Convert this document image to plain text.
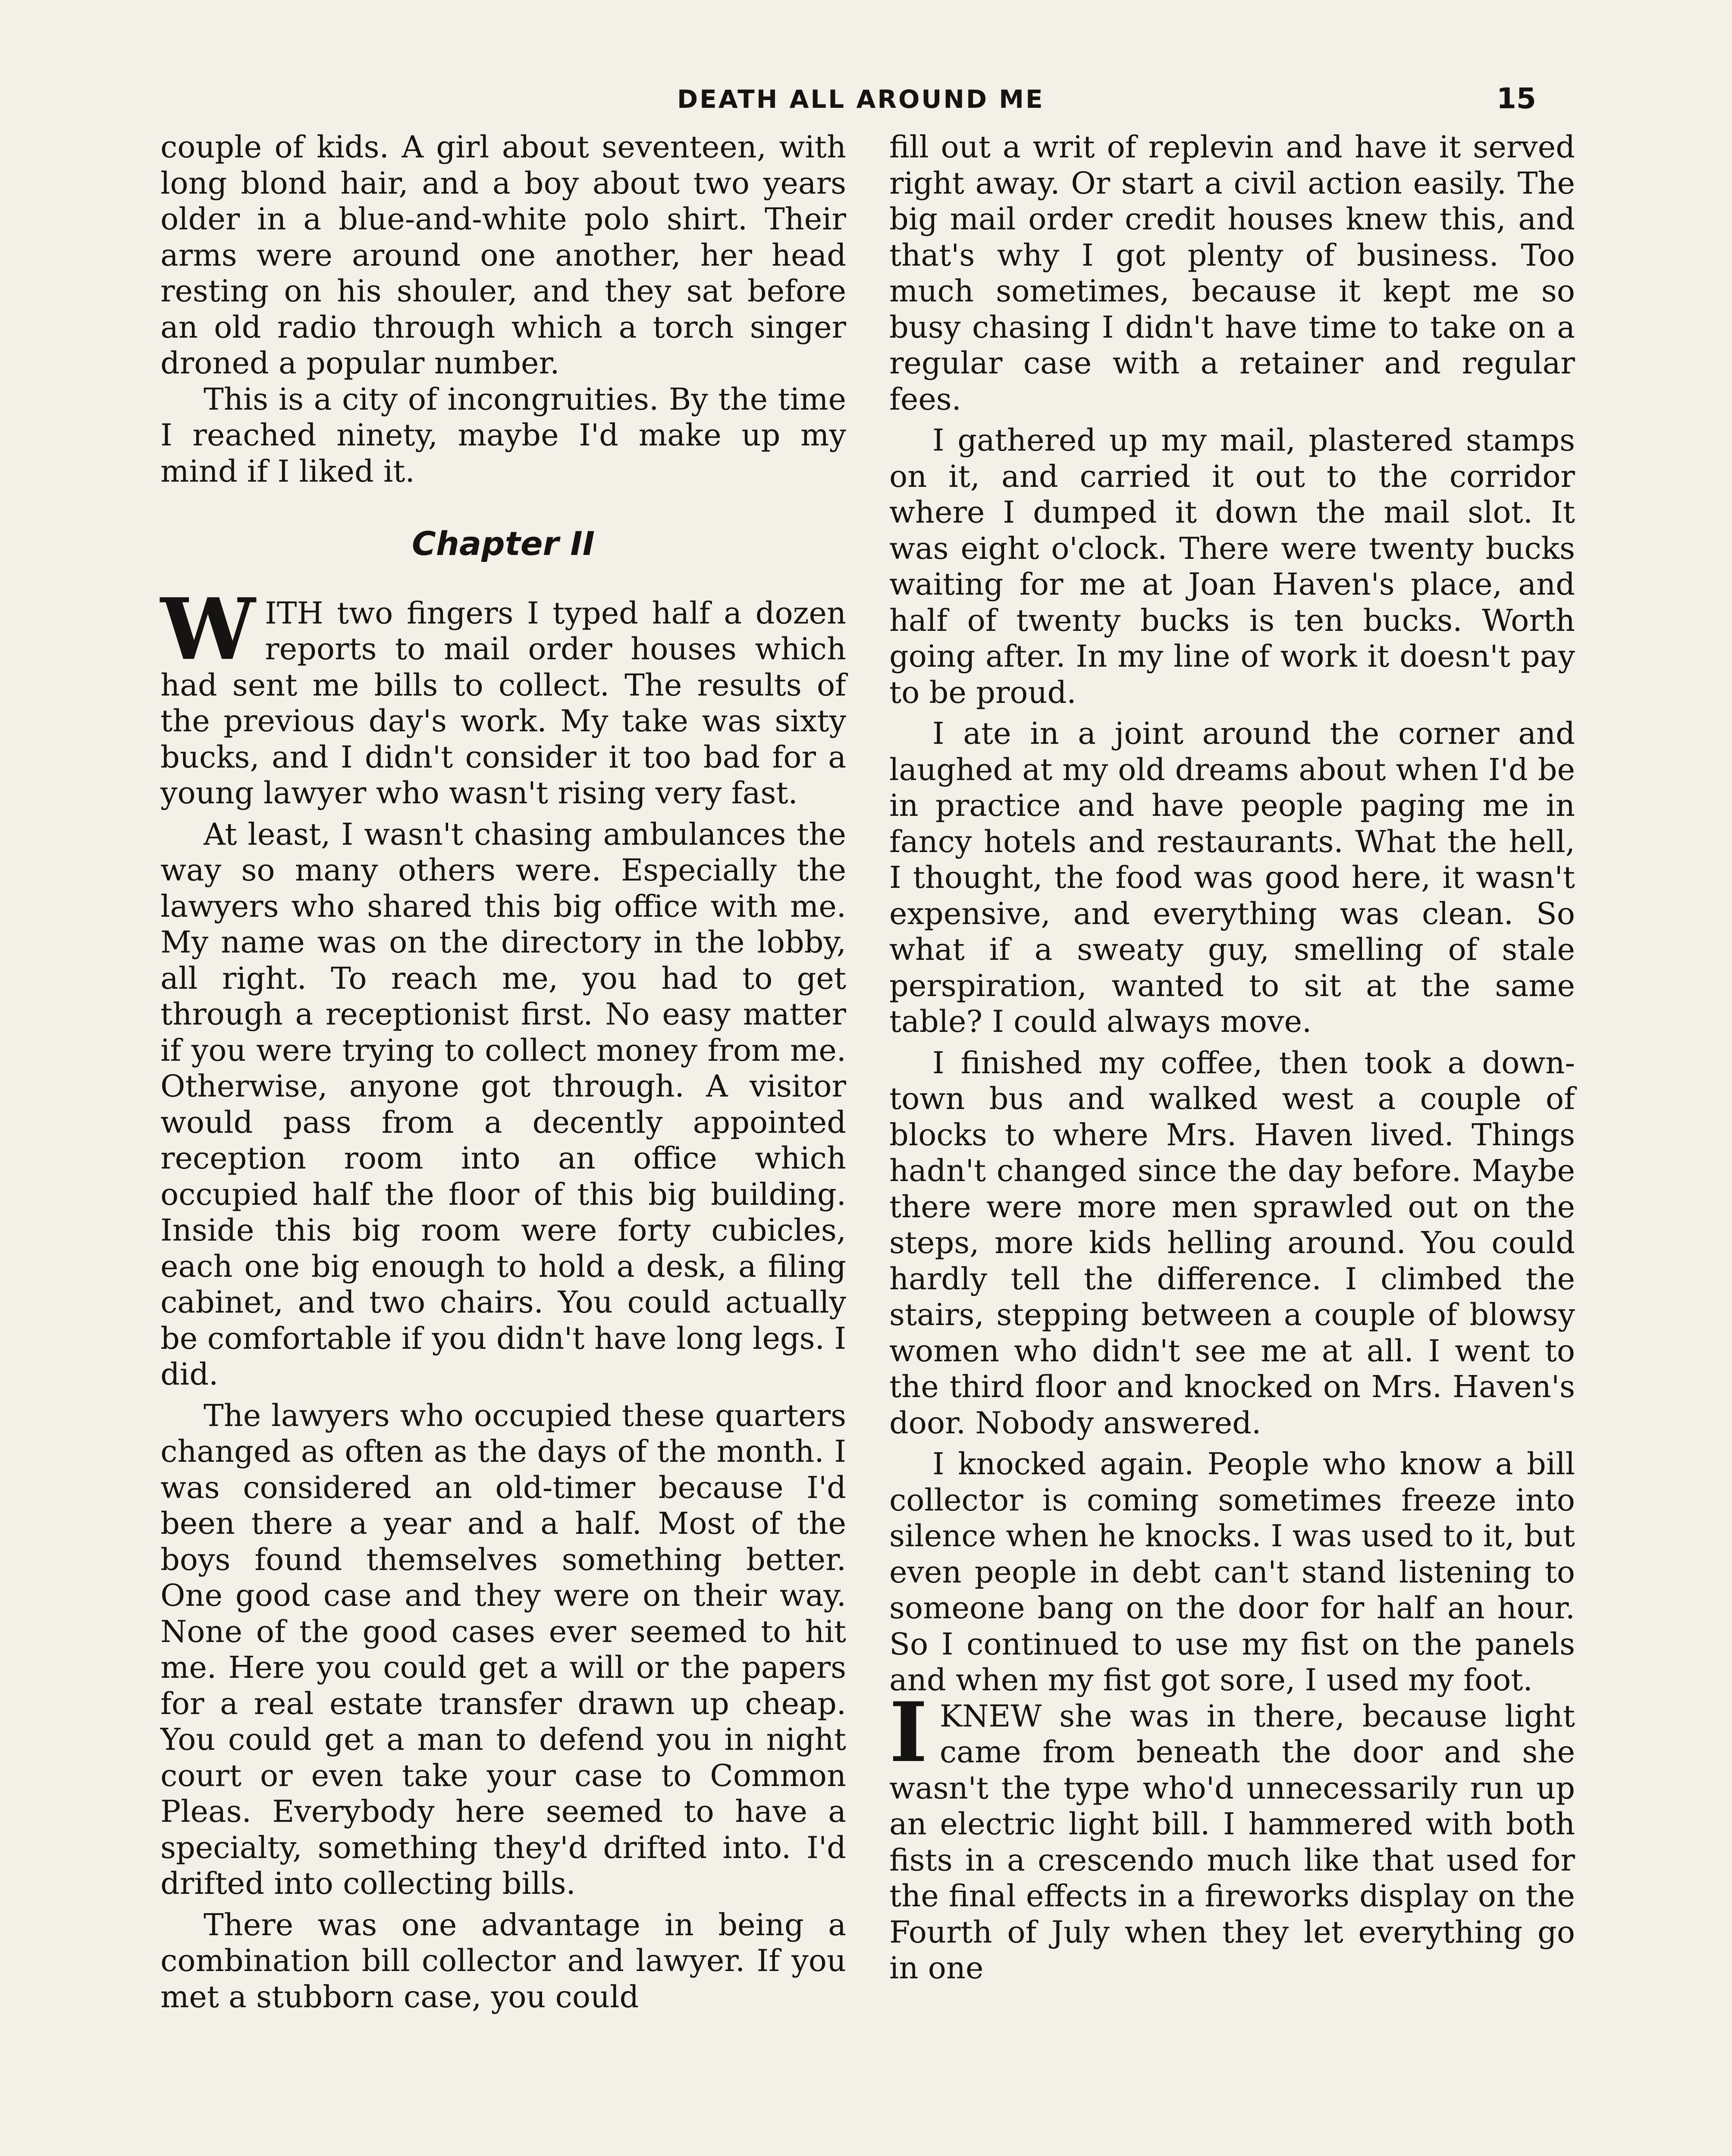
DEATH ALL AROUND ME	15

couple of kids. A girl about seventeen, with long blond hair, and a boy about two years older in a blue-and-white polo shirt. Their arms were around one another, her head resting on his shouler, and they sat before an old radio through which a torch singer droned a popular number.

This is a city of incongruities. By the time I reached ninety, maybe I'd make up my mind if I liked it.

Chapter II

WITH two fingers I typed half a dozen reports to mail order houses which had sent me bills to collect. The results of the previous day's work. My take was sixty bucks, and I didn't consider it too bad for a young lawyer who wasn't rising very fast.

At least, I wasn't chasing ambulances the way so many others were. Especially the lawyers who shared this big office with me. My name was on the directory in the lobby, all right. To reach me, you had to get through a receptionist first. No easy matter if you were trying to collect money from me. Otherwise, anyone got through. A visitor would pass from a decently appointed reception room into an office which occupied half the floor of this big building. Inside this big room were forty cubicles, each one big enough to hold a desk, a filing cabinet, and two chairs. You could actually be comfortable if you didn't have long legs. I did.

The lawyers who occupied these quarters changed as often as the days of the month. I was considered an old-timer because I'd been there a year and a half. Most of the boys found themselves something better. One good case and they were on their way. None of the good cases ever seemed to hit me. Here you could get a will or the papers for a real estate transfer drawn up cheap. You could get a man to defend you in night court or even take your case to Common Pleas. Everybody here seemed to have a specialty, something they'd drifted into. I'd drifted into collecting bills.

There was one advantage in being a combination bill collector and lawyer. If you met a stubborn case, you could

fill out a writ of replevin and have it served right away. Or start a civil action easily. The big mail order credit houses knew this, and that's why I got plenty of business. Too much sometimes, because it kept me so busy chasing I didn't have time to take on a regular case with a retainer and regular fees.

I gathered up my mail, plastered stamps on it, and carried it out to the corridor where I dumped it down the mail slot. It was eight o'clock. There were twenty bucks waiting for me at Joan Haven's place, and half of twenty bucks is ten bucks. Worth going after. In my line of work it doesn't pay to be proud.

I ate in a joint around the corner and laughed at my old dreams about when I'd be in practice and have people paging me in fancy hotels and restaurants. What the hell, I thought, the food was good here, it wasn't expensive, and everything was clean. So what if a sweaty guy, smelling of stale perspiration, wanted to sit at the same table? I could always move.

I finished my coffee, then took a downtown bus and walked west a couple of blocks to where Mrs. Haven lived. Things hadn't changed since the day before. Maybe there were more men sprawled out on the steps, more kids helling around. You could hardly tell the difference. I climbed the stairs, stepping between a couple of blowsy women who didn't see me at all. I went to the third floor and knocked on Mrs. Haven's door. Nobody answered.

I knocked again. People who know a bill collector is coming sometimes freeze into silence when he knocks. I was used to it, but even people in debt can't stand listening to someone bang on the door for half an hour. So I continued to use my fist on the panels and when my fist got sore, I used my foot.

IKNEW she was in there, because light came from beneath the door and she wasn't the type who'd unnecessarily run up an electric light bill. I hammered with both fists in a crescendo much like that used for the final effects in a fireworks display on the Fourth of July when they let everything go in one
